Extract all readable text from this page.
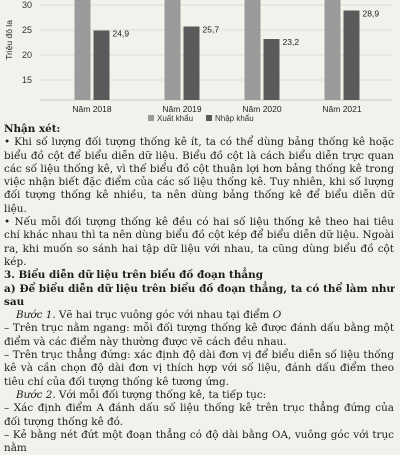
30
25
20
15
Triệu đô la	24,9
Năm 2018
25,7
Năm 2019
23,2
Năm 2020
28,9
Năm 2021
Xuất khẩu	Nhập khẩu

Nhận xét:

• Khi số lượng đối tượng thống kê ít, ta có thể dùng bảng thống kê hoặc biểu đồ cột để biểu diễn dữ liệu. Biểu đồ cột là cách biểu diễn trực quan các số liệu thống kê, vì thế biểu đồ cột thuận lợi hơn bảng thống kê trong việc nhận biết đặc điểm của các số liệu thống kê. Tuy nhiên, khi số lượng đối tượng thống kê nhiều, ta nên dùng bảng thống kê để biểu diễn dữ liệu.

• Nếu mỗi đối tượng thống kê đều có hai số liệu thống kê theo hai tiêu chí khác nhau thì ta nên dùng biểu đồ cột kép để biểu diễn dữ liệu. Ngoài ra, khi muốn so sánh hai tập dữ liệu với nhau, ta cũng dùng biểu đồ cột kép.

3. Biểu diễn dữ liệu trên biểu đồ đoạn thẳng

a) Để biểu diễn dữ liệu trên biểu đồ đoạn thẳng, ta có thể làm như sau

Bước 1. Vẽ hai trục vuông góc với nhau tại điểm O

– Trên trục nằm ngang: mỗi đối tượng thống kê được đánh dấu bằng một điểm và các điểm này thường được vẽ cách đều nhau.

– Trên trục thẳng đứng: xác định độ dài đơn vị để biểu diễn số liệu thống kê và cần chọn độ dài đơn vị thích hợp với số liệu, đánh dấu điểm theo tiêu chí của đối tượng thống kê tương ứng.

Bước 2. Với mỗi đối tượng thống kê, ta tiếp tục:

– Xác định điểm A đánh dấu số liệu thống kê trên trục thẳng đứng của đối tượng thống kê đó.

– Kẻ bằng nét đứt một đoạn thẳng có độ dài bằng OA, vuông góc với trục nằm
